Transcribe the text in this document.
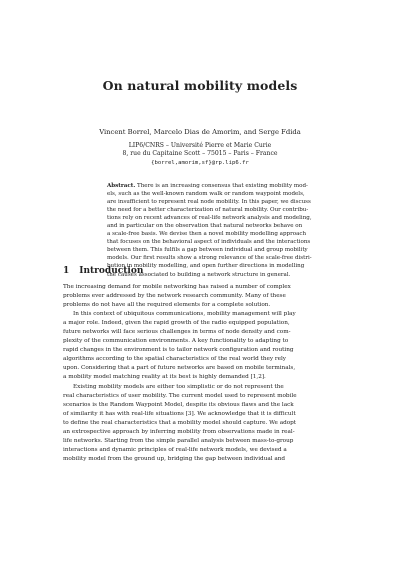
On natural mobility models
Vincent Borrel, Marcelo Dias de Amorim, and Serge Fdida
LIP6/CNRS – Université Pierre et Marie Curie
8, rue du Capitaine Scott – 75015 – Paris – France
{borrel,amorim,sf}@rp.lip6.fr
Abstract. There is an increasing consensus that existing mobility mod-
els, such as the well-known random walk or random waypoint models,
are insufficient to represent real node mobility. In this paper, we discuss
the need for a better characterization of natural mobility. Our contribu-
tions rely on recent advances of real-life network analysis and modeling,
and in particular on the observation that natural networks behave on
a scale-free basis. We devise then a novel mobility modelling approach
that focuses on the behavioral aspect of individuals and the interactions
between them. This fulfils a gap between individual and group mobility
models. Our first results show a strong relevance of the scale-free distri-
bution in mobility modelling, and open further directions in modelling
the causes associated to building a network structure in general.
1 Introduction
The increasing demand for mobile networking has raised a number of complex
problems ever addressed by the network research community. Many of these
problems do not have all the required elements for a complete solution.
In this context of ubiquitous communications, mobility management will play
a major role. Indeed, given the rapid growth of the radio equipped population,
future networks will face serious challenges in terms of node density and com-
plexity of the communication environments. A key functionality to adapting to
rapid changes in the environment is to tailor network configuration and routing
algorithms according to the spatial characteristics of the real world they rely
upon. Considering that a part of future networks are based on mobile terminals,
a mobility model matching reality at its best is highly demanded [1,2].
Existing mobility models are either too simplistic or do not represent the
real characteristics of user mobility. The current model used to represent mobile
scenarios is the Random Waypoint Model, despite its obvious flaws and the lack
of similarity it has with real-life situations [3]. We acknowledge that it is difficult
to define the real characteristics that a mobility model should capture. We adopt
an extrospective approach by inferring mobility from observations made in real-
life networks. Starting from the simple parallel analysis between mass-to-group
interactions and dynamic principles of real-life network models, we devised a
mobility model from the ground up, bridging the gap between individual and
